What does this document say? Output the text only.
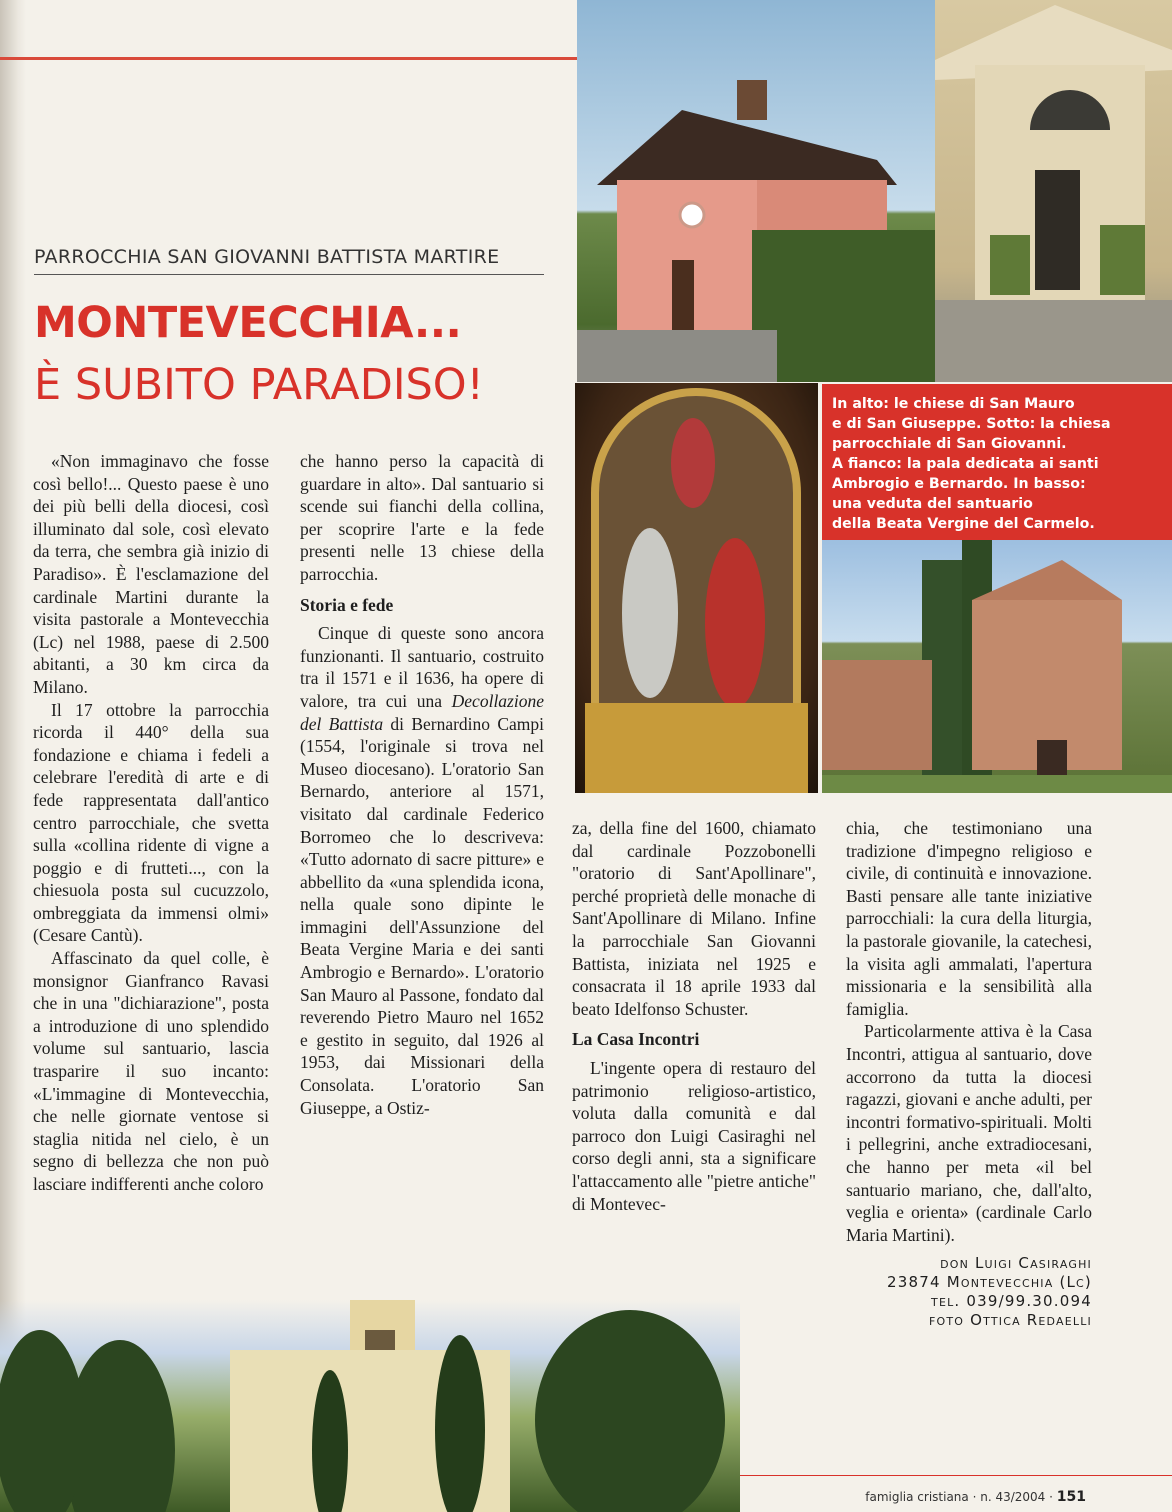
In alto: le chiese di San Mauro
e di San Giuseppe. Sotto: la chiesa
parrocchiale di San Giovanni.
A fianco: la pala dedicata ai santi
Ambrogio e Bernardo. In basso:
una veduta del santuario
della Beata Vergine del Carmelo.
PARROCCHIA SAN GIOVANNI BATTISTA MARTIRE
MONTEVECCHIA...
È SUBITO PARADISO!

«Non immaginavo che fosse così bello!... Questo paese è uno dei più belli della diocesi, così illuminato dal sole, così elevato da terra, che sembra già inizio di Paradiso». È l'esclamazione del cardinale Martini durante la visita pastorale a Montevecchia (Lc) nel 1988, paese di 2.500 abitanti, a 30 km circa da Milano.

Il 17 ottobre la parrocchia ricorda il 440° della sua fondazione e chiama i fedeli a celebrare l'eredità di arte e di fede rappresentata dall'antico centro parrocchiale, che svetta sulla «collina ridente di vigne a poggio e di frutteti..., con la chiesuola posta sul cucuzzolo, ombreggiata da immensi olmi» (Cesare Cantù).

Affascinato da quel colle, è monsignor Gianfranco Ravasi che in una "dichiarazione", posta a introduzione di uno splendido volume sul santuario, lascia trasparire il suo incanto: «L'immagine di Montevecchia, che nelle giornate ventose si staglia nitida nel cielo, è un segno di bellezza che non può lasciare indifferenti anche coloro

che hanno perso la capacità di guardare in alto». Dal santuario si scende sui fianchi della collina, per scoprire l'arte e la fede presenti nelle 13 chiese della parrocchia.

Storia e fede

Cinque di queste sono ancora funzionanti. Il santuario, costruito tra il 1571 e il 1636, ha opere di valore, tra cui una Decollazione del Battista di Bernardino Campi (1554, l'originale si trova nel Museo diocesano). L'oratorio San Bernardo, anteriore al 1571, visitato dal cardinale Federico Borromeo che lo descriveva: «Tutto adornato di sacre pitture» e abbellito da «una splendida icona, nella quale sono dipinte le immagini dell'Assunzione del Beata Vergine Maria e dei santi Ambrogio e Bernardo». L'oratorio San Mauro al Passone, fondato dal reverendo Pietro Mauro nel 1652 e gestito in seguito, dal 1926 al 1953, dai Missionari della Consolata. L'oratorio San Giuseppe, a Ostiz-

za, della fine del 1600, chiamato dal cardinale Pozzobonelli "oratorio di Sant'Apollinare", perché proprietà delle monache di Sant'Apollinare di Milano. Infine la parrocchiale San Giovanni Battista, iniziata nel 1925 e consacrata il 18 aprile 1933 dal beato Idelfonso Schuster.

La Casa Incontri

L'ingente opera di restauro del patrimonio religioso-artistico, voluta dalla comunità e dal parroco don Luigi Casiraghi nel corso degli anni, sta a significare l'attaccamento alle "pietre antiche" di Montevec-

chia, che testimoniano una tradizione d'impegno religioso e civile, di continuità e innovazione. Basti pensare alle tante iniziative parrocchiali: la cura della liturgia, la pastorale giovanile, la catechesi, la visita agli ammalati, l'apertura missionaria e la sensibilità alla famiglia.

Particolarmente attiva è la Casa Incontri, attigua al santuario, dove accorrono da tutta la diocesi ragazzi, giovani e anche adulti, per incontri formativo-spirituali. Molti i pellegrini, anche extradiocesani, che hanno per meta «il bel santuario mariano, che, dall'alto, veglia e orienta» (cardinale Carlo Maria Martini).

don Luigi Casiraghi

23874 Montevecchia (Lc)

tel. 039/99.30.094

foto Ottica Redaelli

famiglia cristiana · n. 43/2004 · 151
